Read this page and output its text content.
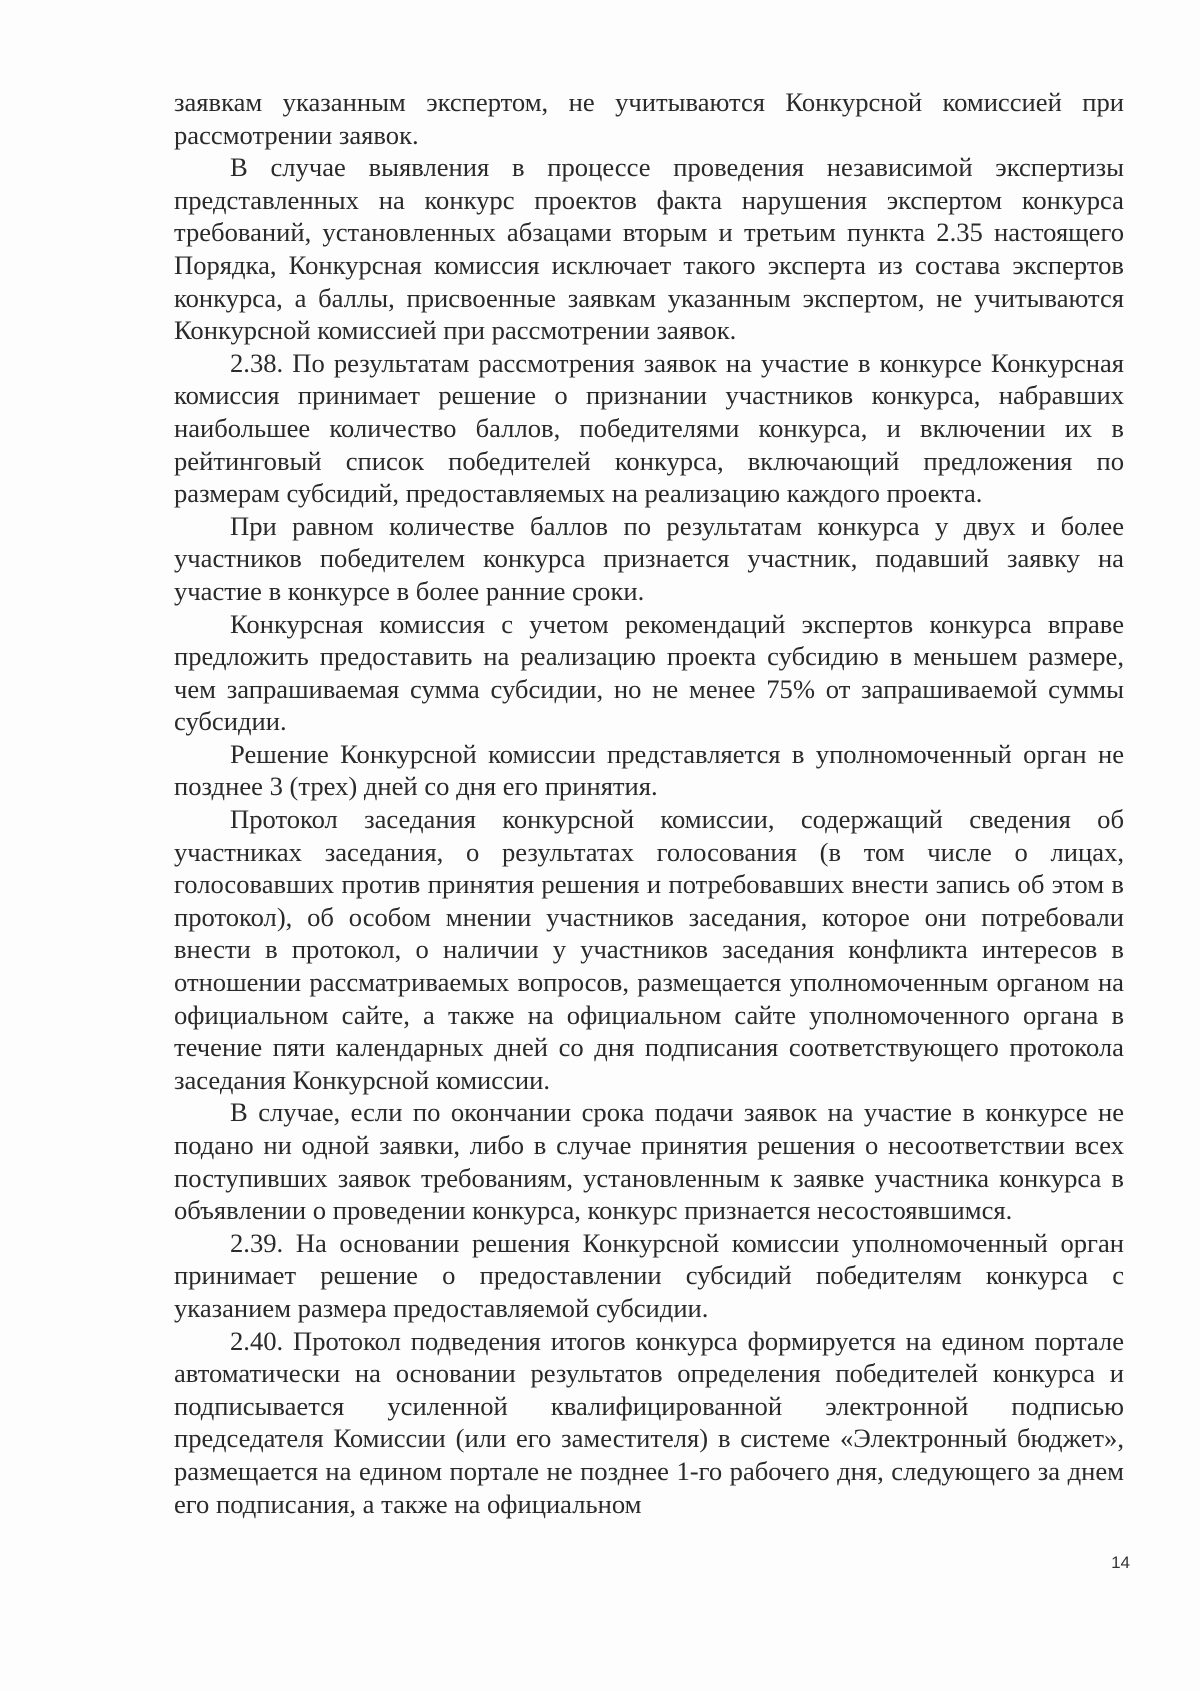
заявкам указанным экспертом, не учитываются Конкурсной комиссией при рассмотрении заявок.

В случае выявления в процессе проведения независимой экспертизы представленных на конкурс проектов факта нарушения экспертом конкурса требований, установленных абзацами вторым и третьим пункта 2.35 настоящего Порядка, Конкурсная комиссия исключает такого эксперта из состава экспертов конкурса, а баллы, присвоенные заявкам указанным экспертом, не учитываются Конкурсной комиссией при рассмотрении заявок.

2.38. По результатам рассмотрения заявок на участие в конкурсе Конкурсная комиссия принимает решение о признании участников конкурса, набравших наибольшее количество баллов, победителями конкурса, и включении их в рейтинговый список победителей конкурса, включающий предложения по размерам субсидий, предоставляемых на реализацию каждого проекта.

При равном количестве баллов по результатам конкурса у двух и более участников победителем конкурса признается участник, подавший заявку на участие в конкурсе в более ранние сроки.

Конкурсная комиссия с учетом рекомендаций экспертов конкурса вправе предложить предоставить на реализацию проекта субсидию в меньшем размере, чем запрашиваемая сумма субсидии, но не менее 75% от запрашиваемой суммы субсидии.

Решение Конкурсной комиссии представляется в уполномоченный орган не позднее 3 (трех) дней со дня его принятия.

Протокол заседания конкурсной комиссии, содержащий сведения об участниках заседания, о результатах голосования (в том числе о лицах, голосовавших против принятия решения и потребовавших внести запись об этом в протокол), об особом мнении участников заседания, которое они потребовали внести в протокол, о наличии у участников заседания конфликта интересов в отношении рассматриваемых вопросов, размещается уполномоченным органом на официальном сайте, а также на официальном сайте уполномоченного органа в течение пяти календарных дней со дня подписания соответствующего протокола заседания Конкурсной комиссии.

В случае, если по окончании срока подачи заявок на участие в конкурсе не подано ни одной заявки, либо в случае принятия решения о несоответствии всех поступивших заявок требованиям, установленным к заявке участника конкурса в объявлении о проведении конкурса, конкурс признается несостоявшимся.

2.39. На основании решения Конкурсной комиссии уполномоченный орган принимает решение о предоставлении субсидий победителям конкурса с указанием размера предоставляемой субсидии.

2.40. Протокол подведения итогов конкурса формируется на едином портале автоматически на основании результатов определения победителей конкурса и подписывается усиленной квалифицированной электронной подписью председателя Комиссии (или его заместителя) в системе «Электронный бюджет», размещается на едином портале не позднее 1-го рабочего дня, следующего за днем его подписания, а также на официальном

14
